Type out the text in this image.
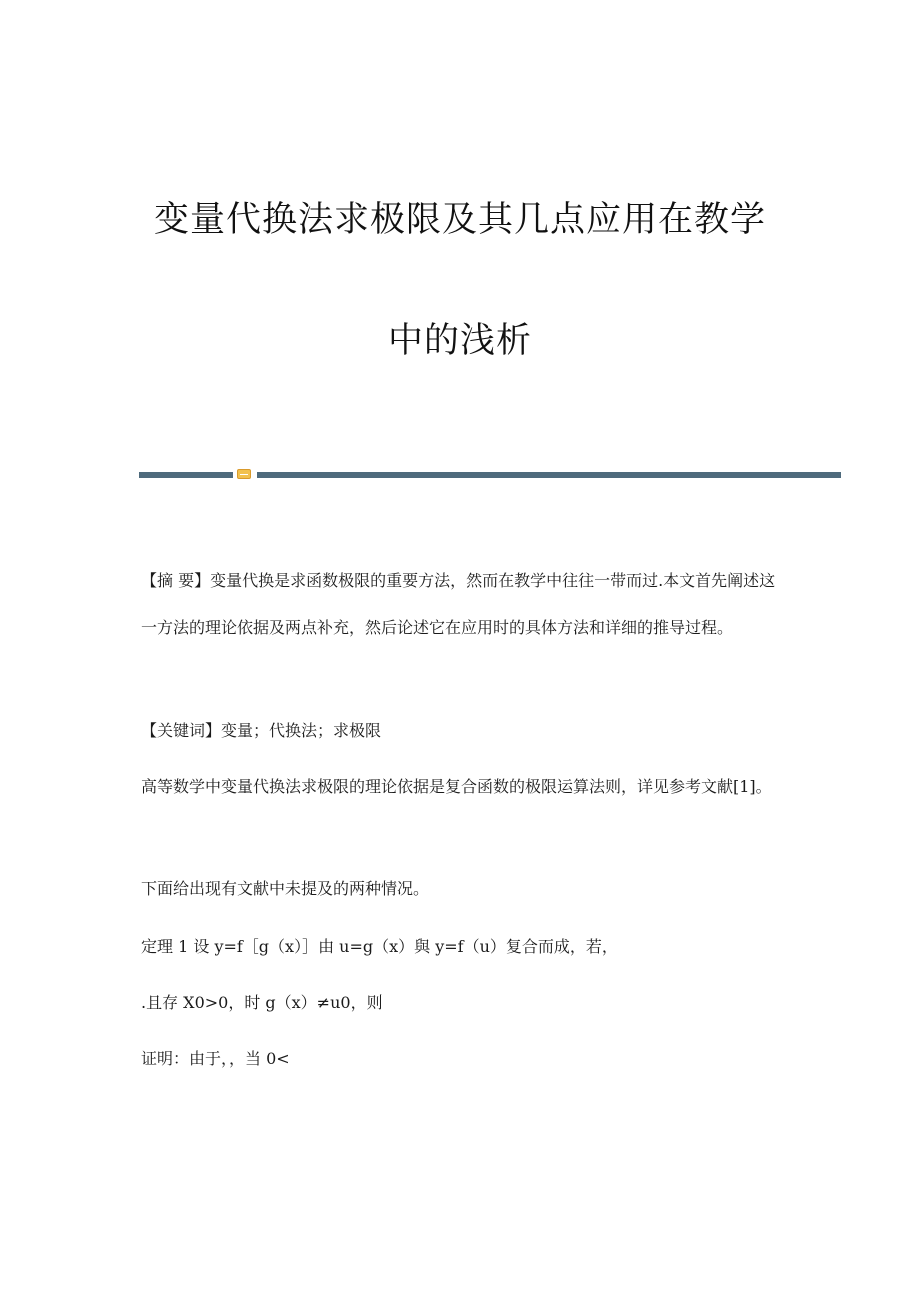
变量代换法求极限及其几点应用在教学
中的浅析

【摘 要】变量代换是求函数极限的重要方法，然而在教学中往往一带而过.本文首先阐述这一方法的理论依据及两点补充，然后论述它在应用时的具体方法和详细的推导过程。

【关键词】变量；代换法；求极限

高等数学中变量代换法求极限的理论依据是复合函数的极限运算法则，详见参考文献[1]。

下面给出现有文献中未提及的两种情况。

定理 1 设 y=f［g（x）］由 u=g（x）與 y=f（u）复合而成，若，

.且存 X0>0，时 g（x）≠u0，则

证明：由于，，当 0<
